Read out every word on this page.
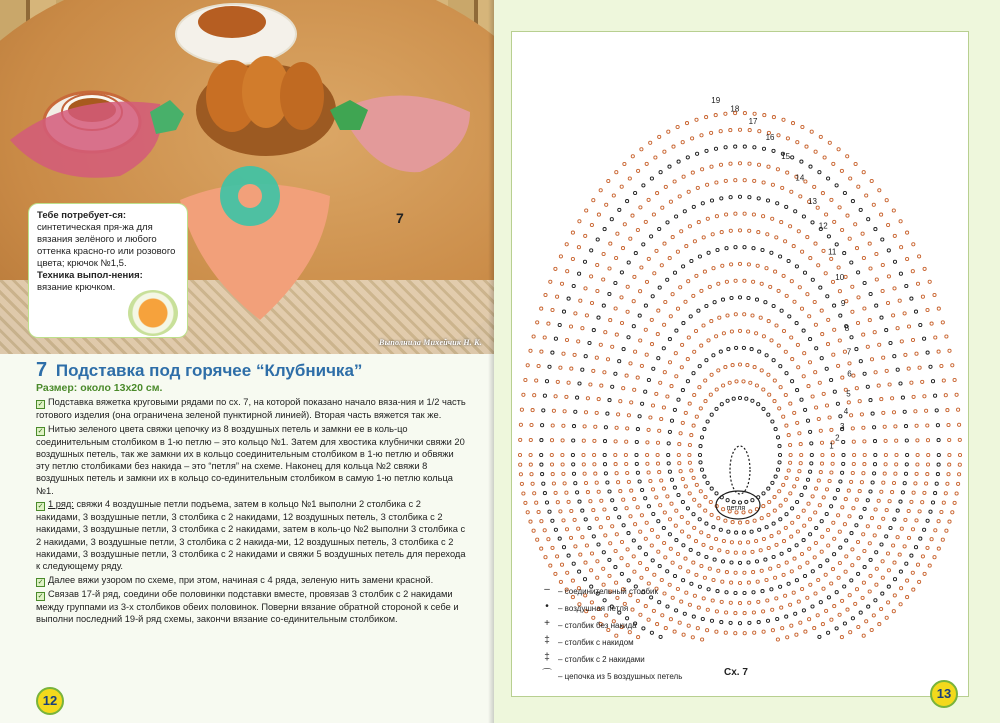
7
Выполнила Михейчик Н. К.
Тебе потребует-ся: синтетическая пря-жа для вязания зелёного и любого оттенка красно-го или розового цвета; крючок №1,5.
Техника выпол-нения: вязание крючком.
7 Подставка под горячее “Клубничка”
Размер: около 13х20 см.

✓ Подставка вяжетка круговыми рядами по сх. 7, на которой показано начало вяза-ния и 1/2 часть готового изделия (она ограничена зеленой пунктирной линией). Вторая часть вяжется так же.

✓ Нитью зеленого цвета свяжи цепочку из 8 воздушных петель и замкни ее в коль-цо соединительным столбиком в 1-ю петлю – это кольцо №1. Затем для хвостика клубнички свяжи 20 воздушных петель, так же замкни их в кольцо соединительным столбиком в 1-ю петлю и обвяжи эту петлю столбиками без накида – это “петля” на схеме. Наконец для кольца №2 свяжи 8 воздушных петель и замкни их в кольцо со-единительным столбиком в самую 1-ю петлю кольца №1.

✓ 1 ряд: свяжи 4 воздушные петли подъема, затем в кольцо №1 выполни 2 столбика с 2 накидами, 3 воздушные петли, 3 столбика с 2 накидами, 12 воздушных петель, 3 столбика с 2 накидами, 3 воздушные петли, 3 столбика с 2 накидами, затем в коль-цо №2 выполни 3 столбика с 2 накидами, 3 воздушные петли, 3 столбика с 2 накида-ми, 12 воздушных петель, 3 столбика с 2 накидами, 3 воздушные петли, 3 столбика с 2 накидами и свяжи 5 воздушных петель для перехода к следующему ряду.

✓ Далее вяжи узором по схеме, при этом, начиная с 4 ряда, зеленую нить замени красной.

✓ Связав 17-й ряд, соедини обе половинки подставки вместе, провязав 3 столбик с 2 накидами между группами из 3-х столбиков обеих половинок. Поверни вязание обратной стороной к себе и выполни последний 19-й ряд схемы, закончи вязание со-единительным столбиком.

12
1
2
3
4
5
6
7
8
9
10
11
12
13
14
15
16
17
18
19
петля
–	– соединительный столбик
•	– воздушная петля
+	– столбик без накида
‡	– столбик с накидом
‡	– столбик с 2 накидами
⌒ – цепочка из 5 воздушных петель	Сх. 7
13
